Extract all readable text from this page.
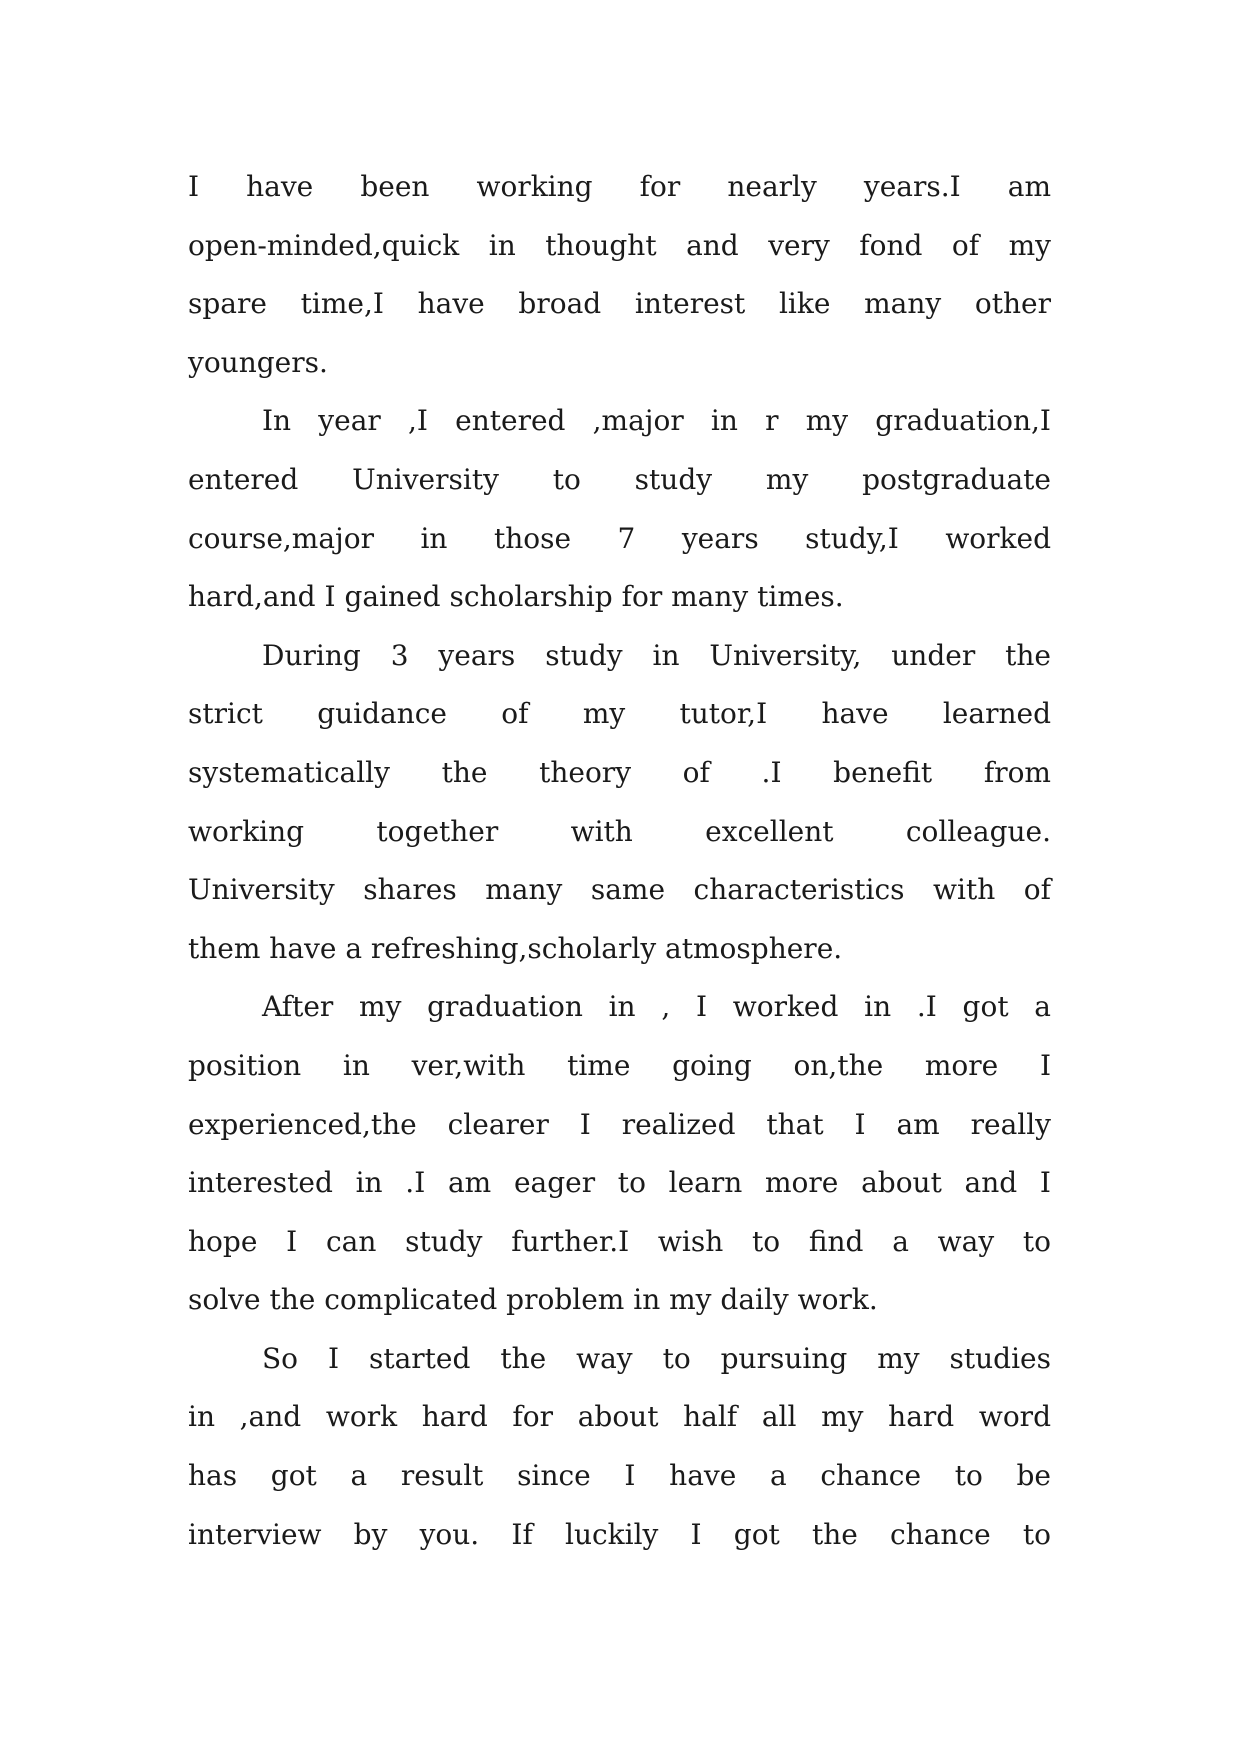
I have been working for nearly years.I am
open-minded,quick in thought and very fond of my
spare time,I have broad interest like many other
youngers.
In year ,I entered ,major in r my graduation,I
entered University to study my postgraduate
course,major in those 7 years study,I worked
hard,and I gained scholarship for many times.
During 3 years study in University, under the
strict guidance of my tutor,I have learned
systematically the theory of .I benefit from
working together with excellent colleague.
University shares many same characteristics with of
them have a refreshing,scholarly atmosphere.
After my graduation in , I worked in .I got a
position in ver,with time going on,the more I
experienced,the clearer I realized that I am really
interested in .I am eager to learn more about and I
hope I can study further.I wish to find a way to
solve the complicated problem in my daily work.
So I started the way to pursuing my studies
in ,and work hard for about half all my hard word
has got a result since I have a chance to be
interview by you. If luckily I got the chance to
